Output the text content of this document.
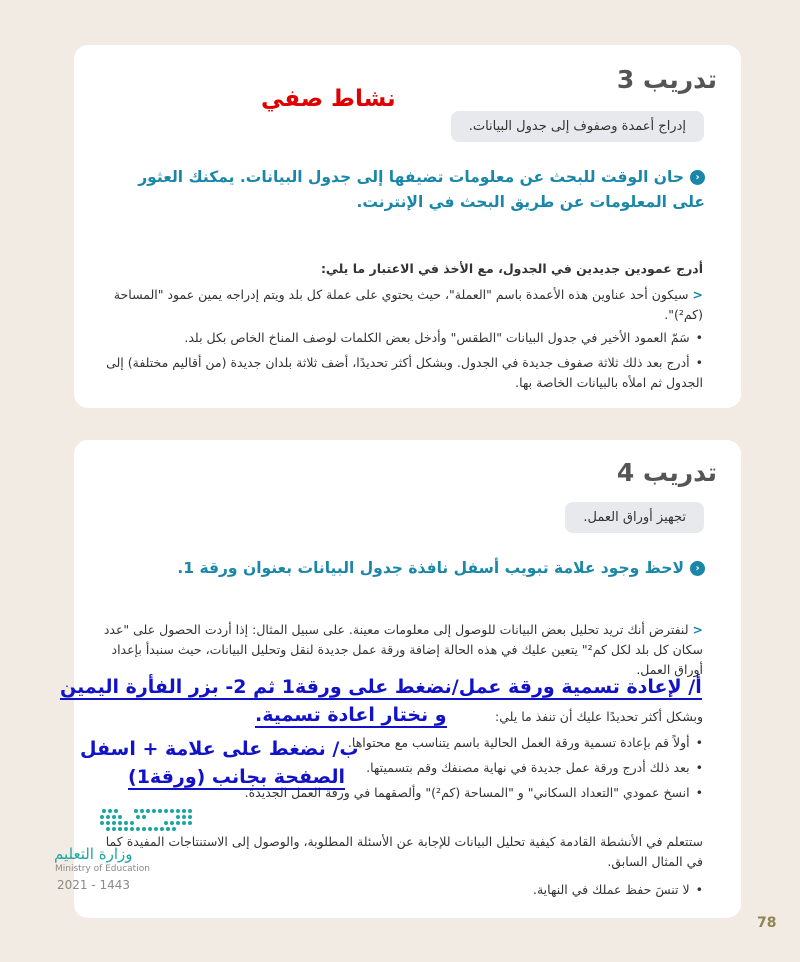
تدريب 3
إدراج أعمدة وصفوف إلى جدول البيانات.
‹حان الوقت للبحث عن معلومات تضيفها إلى جدول البيانات. يمكنك العثور على المعلومات عن طريق البحث في الإنترنت.
أدرج عمودين جديدين في الجدول، مع الأخذ في الاعتبار ما يلي:
<سيكون أحد عناوين هذه الأعمدة باسم "العملة"، حيث يحتوي على عملة كل بلد ويتم إدراجه يمين عمود "المساحة (كم²)".
•سَمّ العمود الأخير في جدول البيانات "الطقس" وأدخل بعض الكلمات لوصف المناخ الخاص بكل بلد.
•أدرج بعد ذلك ثلاثة صفوف جديدة في الجدول. وبشكل أكثر تحديدًا، أضف ثلاثة بلدان جديدة (من أقاليم مختلفة) إلى الجدول ثم املأه بالبيانات الخاصة بها.
نشاط صفي
تدريب 4
تجهيز أوراق العمل.
‹لاحظ وجود علامة تبويب أسفل نافذة جدول البيانات بعنوان ورقة 1.
<لنفترض أنك تريد تحليل بعض البيانات للوصول إلى معلومات معينة. على سبيل المثال: إذا أردت الحصول على "عدد سكان كل بلد لكل كم²" يتعين عليك في هذه الحالة إضافة ورقة عمل جديدة لنقل وتحليل البيانات، حيث سنبدأ بإعداد أوراق العمل.
وبشكل أكثر تحديدًا عليك أن تنفذ ما يلي:
•أولاً قم بإعادة تسمية ورقة العمل الحالية باسم يتناسب مع محتواها.
•بعد ذلك أدرج ورقة عمل جديدة في نهاية مصنفك وقم بتسميتها.
•انسخ عمودي "التعداد السكاني" و "المساحة (كم²)" وألصقهما في ورقة العمل الجديدة.
ستتعلم في الأنشطة القادمة كيفية تحليل البيانات للإجابة عن الأسئلة المطلوبة، والوصول إلى الاستنتاجات المفيدة كما في المثال السابق.
•لا تنسَ حفظ عملك في النهاية.
أ/ لإعادة تسمية ورقة عمل/نضغط على ورقة1 ثم 2- بزر الفأرة اليمين
و نختار اعادة تسمية.
ب/ نضغط على علامة + اسفل
الصفحة بجانب (ورقة1)
وزارة التعليم
Ministry of Education
2021 - 1443
78
